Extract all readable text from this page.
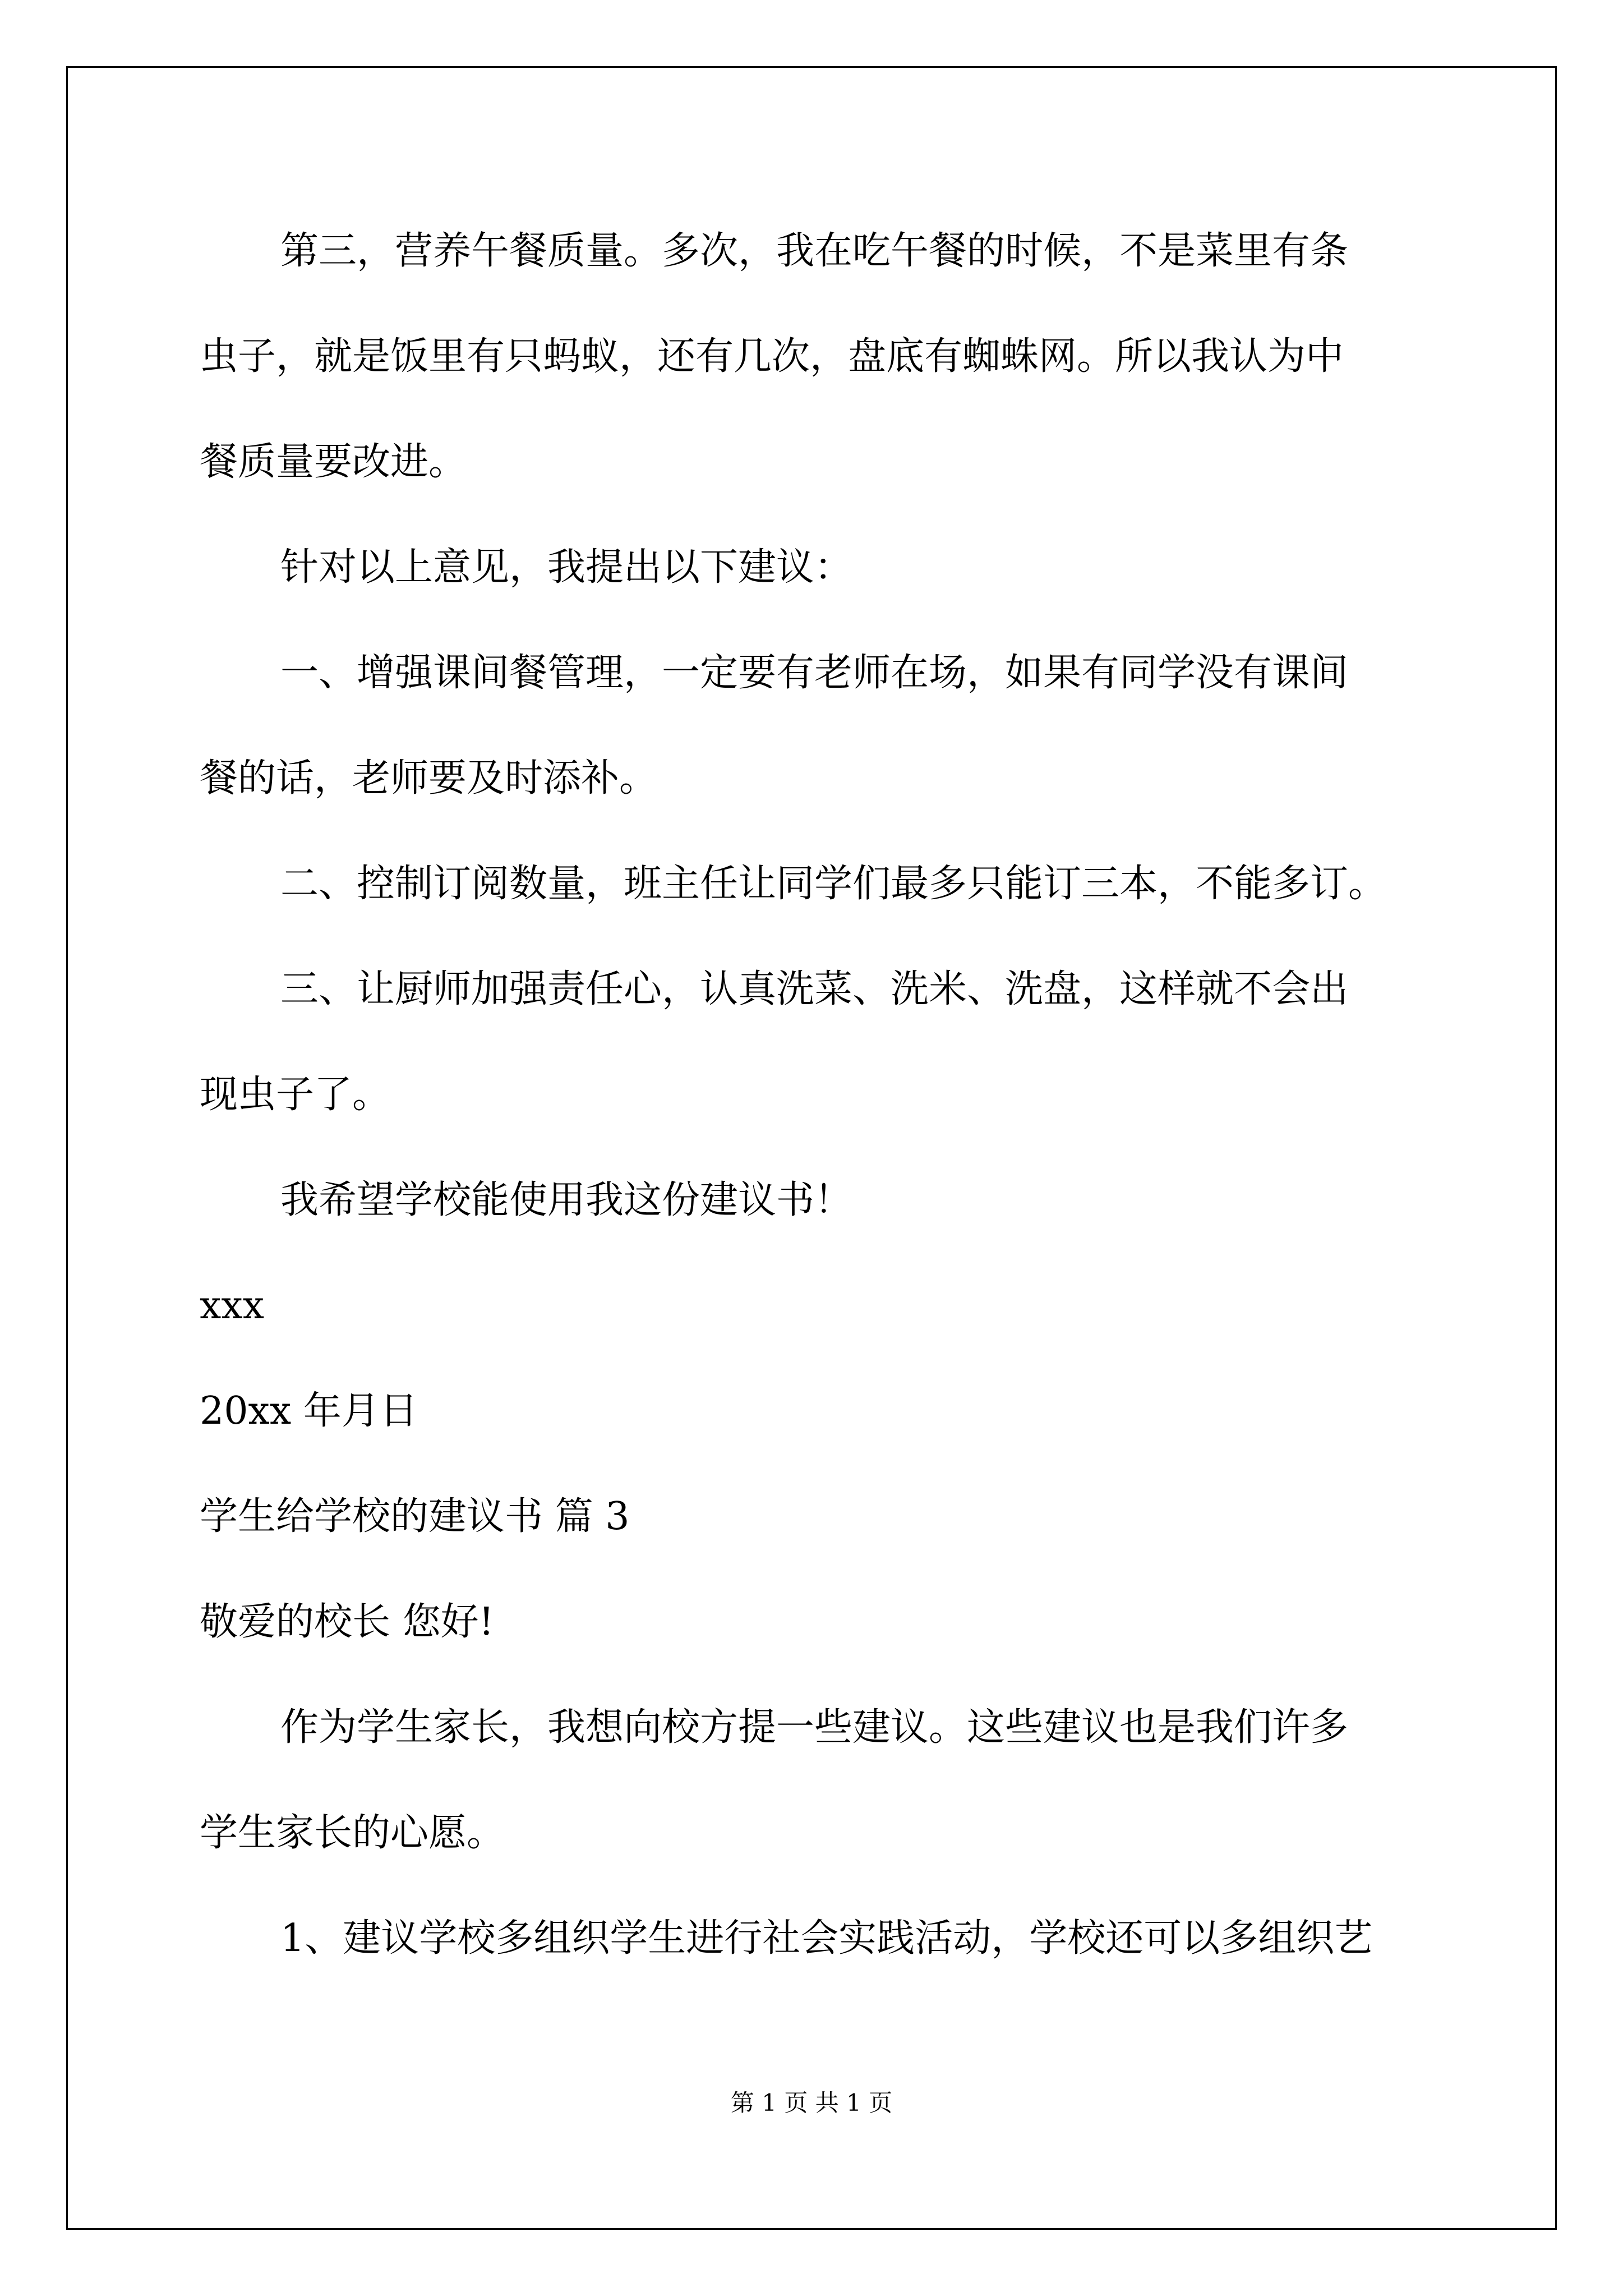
第三，营养午餐质量。多次，我在吃午餐的时候，不是菜里有条
虫子，就是饭里有只蚂蚁，还有几次，盘底有蜘蛛网。所以我认为中
餐质量要改进。
针对以上意见，我提出以下建议：
一、增强课间餐管理，一定要有老师在场，如果有同学没有课间
餐的话，老师要及时添补。
二、控制订阅数量，班主任让同学们最多只能订三本，不能多订。
三、让厨师加强责任心，认真洗菜、洗米、洗盘，这样就不会出
现虫子了。
我希望学校能使用我这份建议书！
xxx
20xx 年月日
学生给学校的建议书 篇 3
敬爱的校长 您好!
作为学生家长，我想向校方提一些建议。这些建议也是我们许多
学生家长的心愿。
1、建议学校多组织学生进行社会实践活动，学校还可以多组织艺
第 1 页 共 1 页
